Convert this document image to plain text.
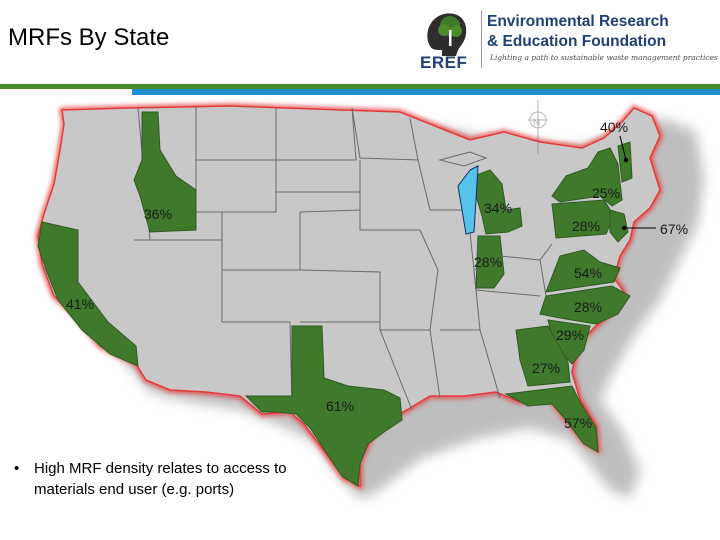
MRFs By State
EREF
Environmental Research
& Education Foundation
Lighting a path to sustainable waste management practices
N
36%
41%
61%
34%
28%
57%
27%
29%
28%
54%
28%
25%
40%
67%
• High MRF density relates to access to materials end user (e.g. ports)
